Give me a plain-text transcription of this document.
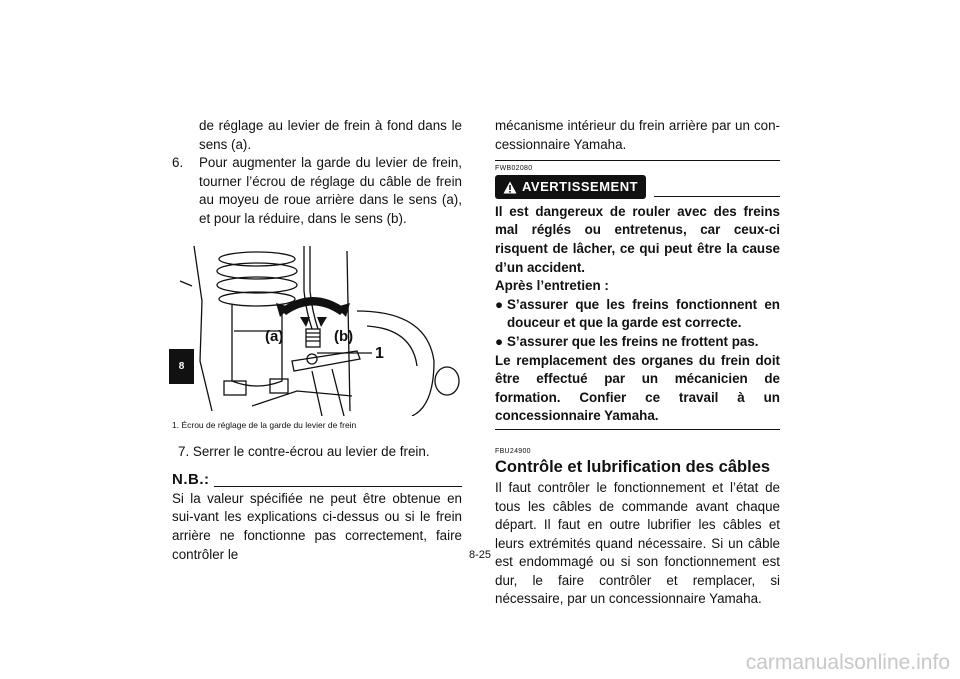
8
de réglage au levier de frein à fond dans le
sens (a).
6.	Pour augmenter la garde du levier de frein, tourner l’écrou de réglage du câble de frein au moyeu de roue arrière dans le sens (a), et pour la réduire, dans le sens (b).
(a)	(b)
1
1. Écrou de réglage de la garde du levier de frein
7. Serrer le contre-écrou au levier de frein.
N.B.:
Si la valeur spécifiée ne peut être obtenue en sui-vant les explications ci-dessus ou si le frein arrière ne fonctionne pas correctement, faire contrôler le
mécanisme intérieur du frein arrière par un con-cessionnaire Yamaha.
FWB02080
AVERTISSEMENT
Il est dangereux de rouler avec des freins mal réglés ou entretenus, car ceux-ci risquent de lâcher, ce qui peut être la cause d’un accident.
Après l’entretien :
● S’assurer que les freins fonctionnent en douceur et que la garde est correcte.
● S’assurer que les freins ne frottent pas.
Le remplacement des organes du frein doit être effectué par un mécanicien de formation. Confier ce travail à un concessionnaire Yamaha.
FBU24900
Contrôle et lubrification des câbles
Il faut contrôler le fonctionnement et l’état de tous les câbles de commande avant chaque départ. Il faut en outre lubrifier les câbles et leurs extrémités quand nécessaire. Si un câble est endommagé ou si son fonctionnement est dur, le faire contrôler et remplacer, si nécessaire, par un concessionnaire Yamaha.
8-25
carmanualsonline.info
